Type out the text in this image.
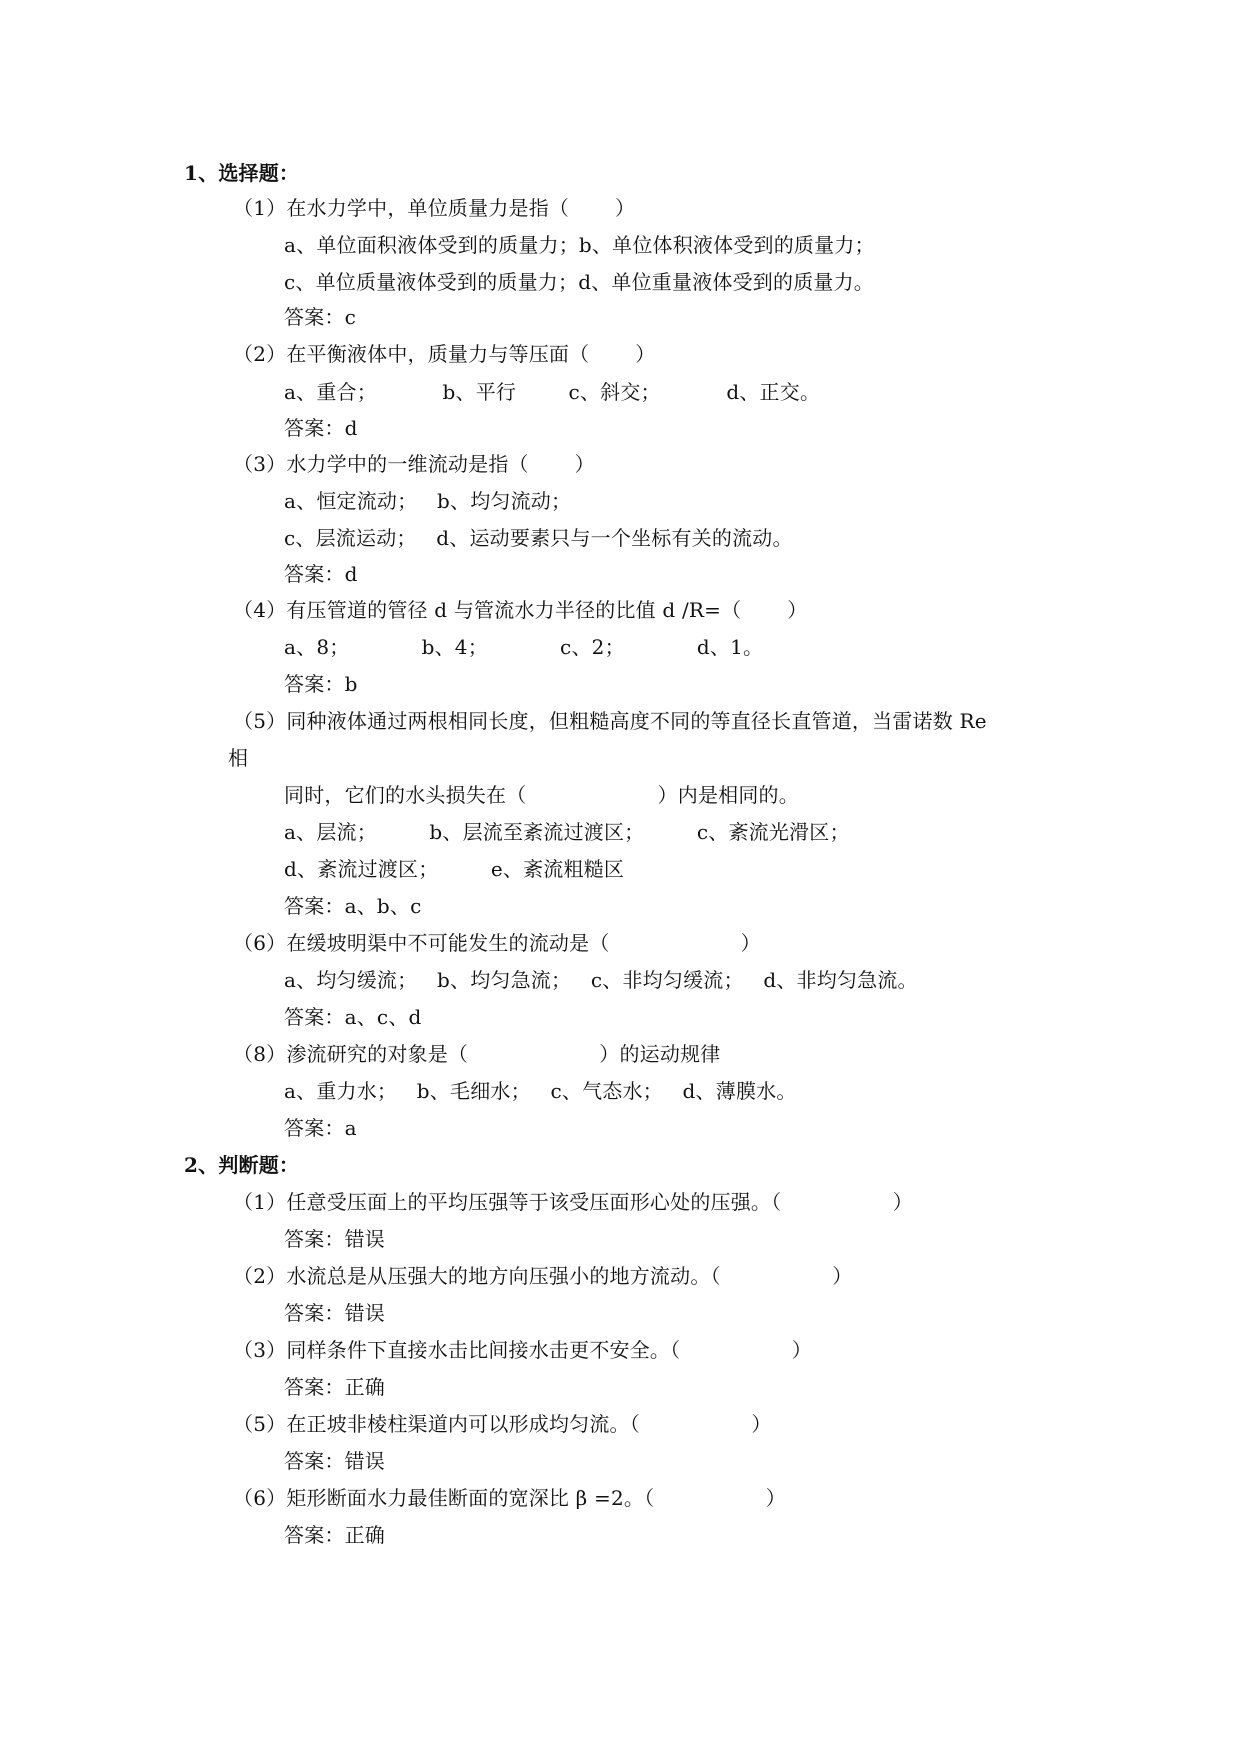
1、选择题：
（1）在水力学中，单位质量力是指（       ）
a、单位面积液体受到的质量力；b、单位体积液体受到的质量力；
c、单位质量液体受到的质量力；d、单位重量液体受到的质量力。
答案：c
（2）在平衡液体中，质量力与等压面（       ）
a、重合；          b、平行        c、斜交；          d、正交。
答案：d
（3）水力学中的一维流动是指（       ）
a、恒定流动；   b、均匀流动；
c、层流运动；   d、运动要素只与一个坐标有关的流动。
答案：d
（4）有压管道的管径 d 与管流水力半径的比值 d /R=（       ）
a、8；           b、4；           c、2；           d、1。
答案：b
（5）同种液体通过两根相同长度，但粗糙高度不同的等直径长直管道，当雷诺数 Re
相
同时，它们的水头损失在（                    ）内是相同的。
a、层流；        b、层流至紊流过渡区；        c、紊流光滑区；
d、紊流过渡区；        e、紊流粗糙区
答案：a、b、c
（6）在缓坡明渠中不可能发生的流动是（                    ）
a、均匀缓流；   b、均匀急流；   c、非均匀缓流；   d、非均匀急流。
答案：a、c、d
（8）渗流研究的对象是（                    ）的运动规律
a、重力水；   b、毛细水；   c、气态水；   d、薄膜水。
答案：a
2、判断题：
（1）任意受压面上的平均压强等于该受压面形心处的压强。（                 ）
答案：错误
（2）水流总是从压强大的地方向压强小的地方流动。（                 ）
答案：错误
（3）同样条件下直接水击比间接水击更不安全。（                 ）
答案：正确
（5）在正坡非棱柱渠道内可以形成均匀流。（                 ）
答案：错误
（6）矩形断面水力最佳断面的宽深比 β =2。（                 ）
答案：正确
